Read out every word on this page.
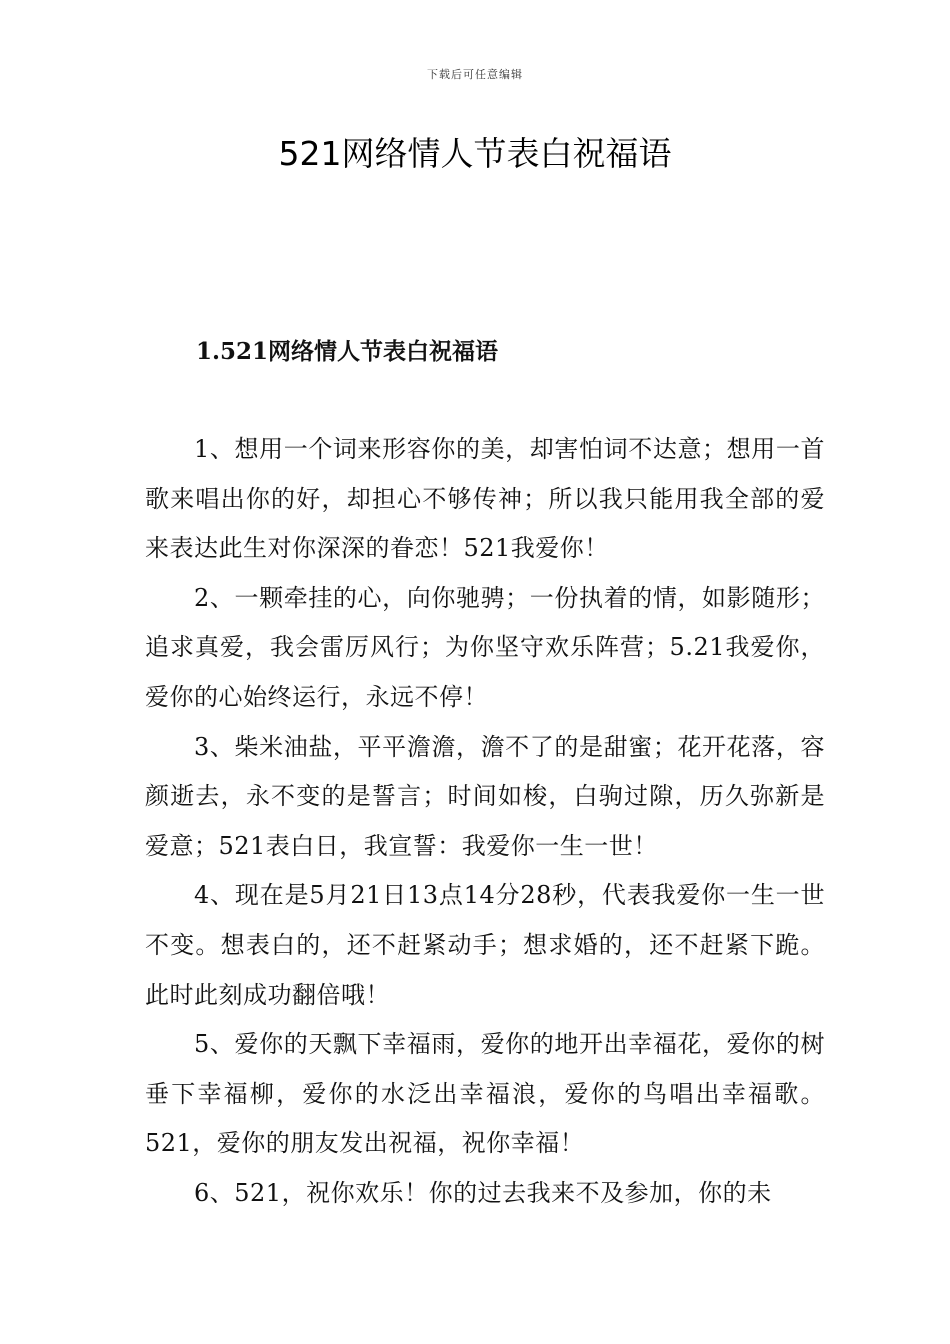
下载后可任意编辑
521网络情人节表白祝福语
1.521网络情人节表白祝福语

1、想用一个词来形容你的美，却害怕词不达意；想用一首歌来唱出你的好，却担心不够传神；所以我只能用我全部的爱来表达此生对你深深的眷恋！521我爱你！

2、一颗牵挂的心，向你驰骋；一份执着的情，如影随形；追求真爱，我会雷厉风行；为你坚守欢乐阵营；5.21我爱你，爱你的心始终运行，永远不停！

3、柴米油盐，平平澹澹，澹不了的是甜蜜；花开花落，容颜逝去，永不变的是誓言；时间如梭，白驹过隙，历久弥新是爱意；521表白日，我宣誓：我爱你一生一世！

4、现在是5月21日13点14分28秒，代表我爱你一生一世不变。想表白的，还不赶紧动手；想求婚的，还不赶紧下跪。此时此刻成功翻倍哦！

5、爱你的天飘下幸福雨，爱你的地开出幸福花，爱你的树垂下幸福柳，爱你的水泛出幸福浪，爱你的鸟唱出幸福歌。521，爱你的朋友发出祝福，祝你幸福！

6、521，祝你欢乐！你的过去我来不及参加，你的未
